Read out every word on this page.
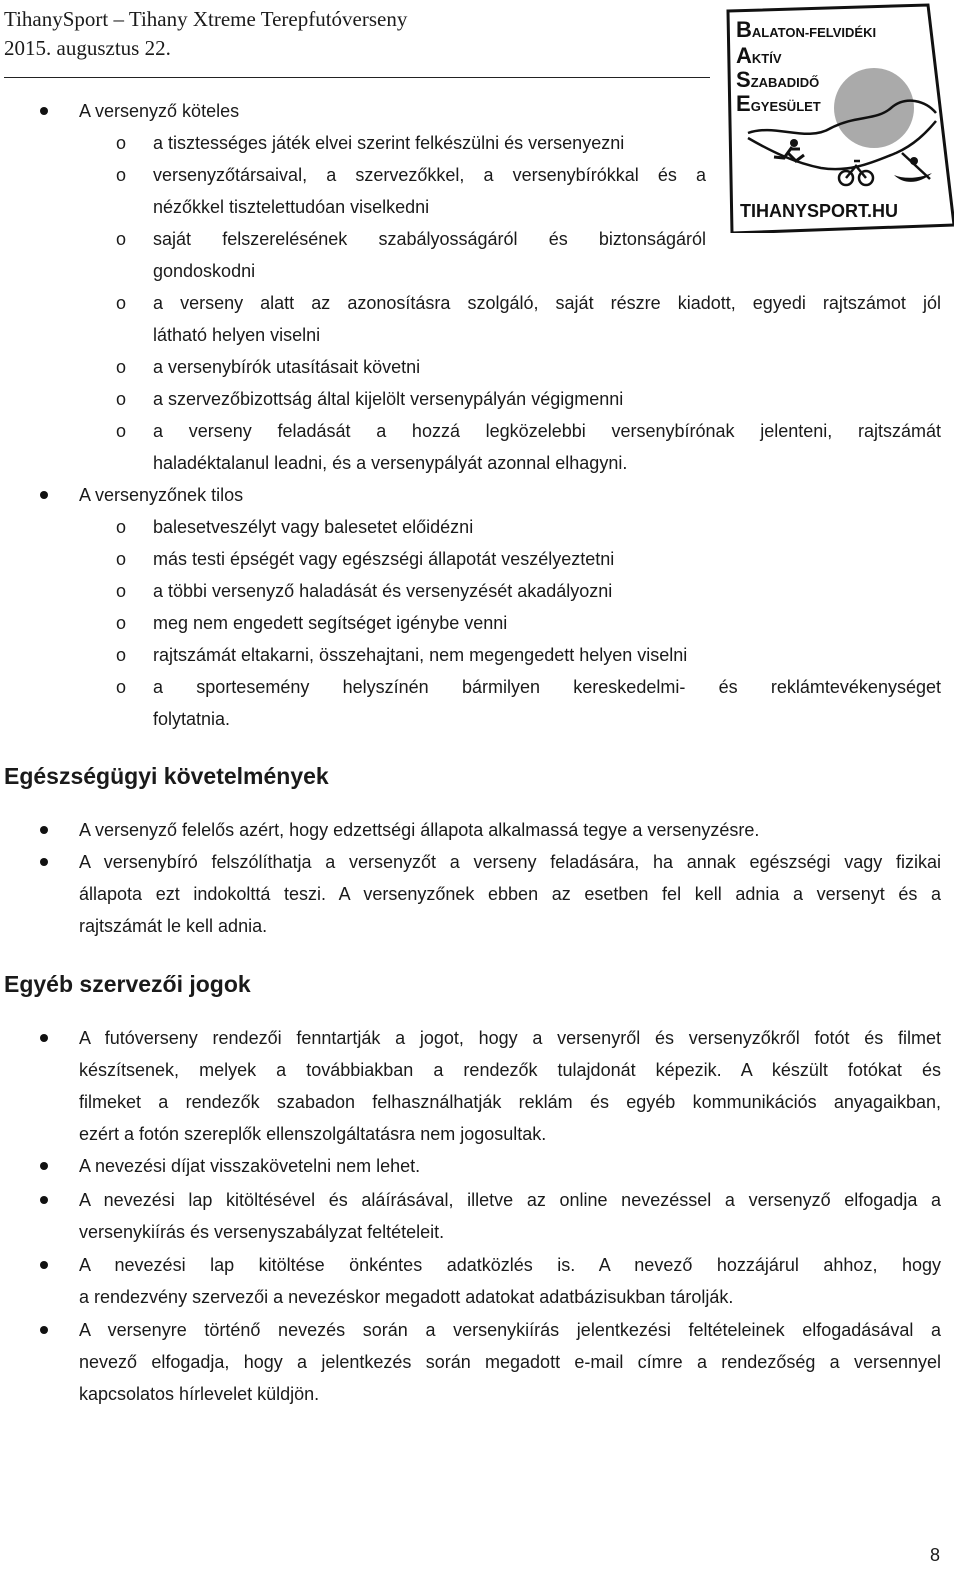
TihanySport – Tihany Xtreme Terepfutóverseny
2015. augusztus 22.
BALATON-FELVIDÉKI
AKTÍV
SZABADIDŐ
EGYESÜLET
TIHANYSPORT.HU
A versenyző köteles
o a tisztességes játék elvei szerint felkészülni és versenyezni
o versenyzőtársaival, a szervezőkkel, a versenybírókkal és a
nézőkkel tisztelettudóan viselkedni
o saját felszerelésének szabályosságáról és biztonságáról
gondoskodni
o a verseny alatt az azonosításra szolgáló, saját részre kiadott, egyedi rajtszámot jól
látható helyen viselni
o a versenybírók utasításait követni
o a szervezőbizottság által kijelölt versenypályán végigmenni
o a verseny feladását a hozzá legközelebbi versenybírónak jelenteni, rajtszámát
haladéktalanul leadni, és a versenypályát azonnal elhagyni.
A versenyzőnek tilos
o balesetveszélyt vagy balesetet előidézni
o más testi épségét vagy egészségi állapotát veszélyeztetni
o a többi versenyző haladását és versenyzését akadályozni
o meg nem engedett segítséget igénybe venni
o rajtszámát eltakarni, összehajtani, nem megengedett helyen viselni
o a sportesemény helyszínén bármilyen kereskedelmi- és reklámtevékenységet
folytatnia.
Egészségügyi követelmények
A versenyző felelős azért, hogy edzettségi állapota alkalmassá tegye a versenyzésre.
A versenybíró felszólíthatja a versenyzőt a verseny feladására, ha annak egészségi vagy fizikai
állapota ezt indokolttá teszi. A versenyzőnek ebben az esetben fel kell adnia a versenyt és a
rajtszámát le kell adnia.
Egyéb szervezői jogok
A futóverseny rendezői fenntartják a jogot, hogy a versenyről és versenyzőkről fotót és filmet
készítsenek, melyek a továbbiakban a rendezők tulajdonát képezik. A készült fotókat és
filmeket a rendezők szabadon felhasználhatják reklám és egyéb kommunikációs anyagaikban,
ezért a fotón szereplők ellenszolgáltatásra nem jogosultak.
A nevezési díjat visszakövetelni nem lehet.
A nevezési lap kitöltésével és aláírásával, illetve az online nevezéssel a versenyző elfogadja a
versenykiírás és versenyszabályzat feltételeit.
A nevezési lap kitöltése önkéntes adatközlés is. A nevező hozzájárul ahhoz, hogy
a rendezvény szervezői a nevezéskor megadott adatokat adatbázisukban tárolják.
A versenyre történő nevezés során a versenykiírás jelentkezési feltételeinek elfogadásával a
nevező elfogadja, hogy a jelentkezés során megadott e-mail címre a rendezőség a versennyel
kapcsolatos hírlevelet küldjön.
8
